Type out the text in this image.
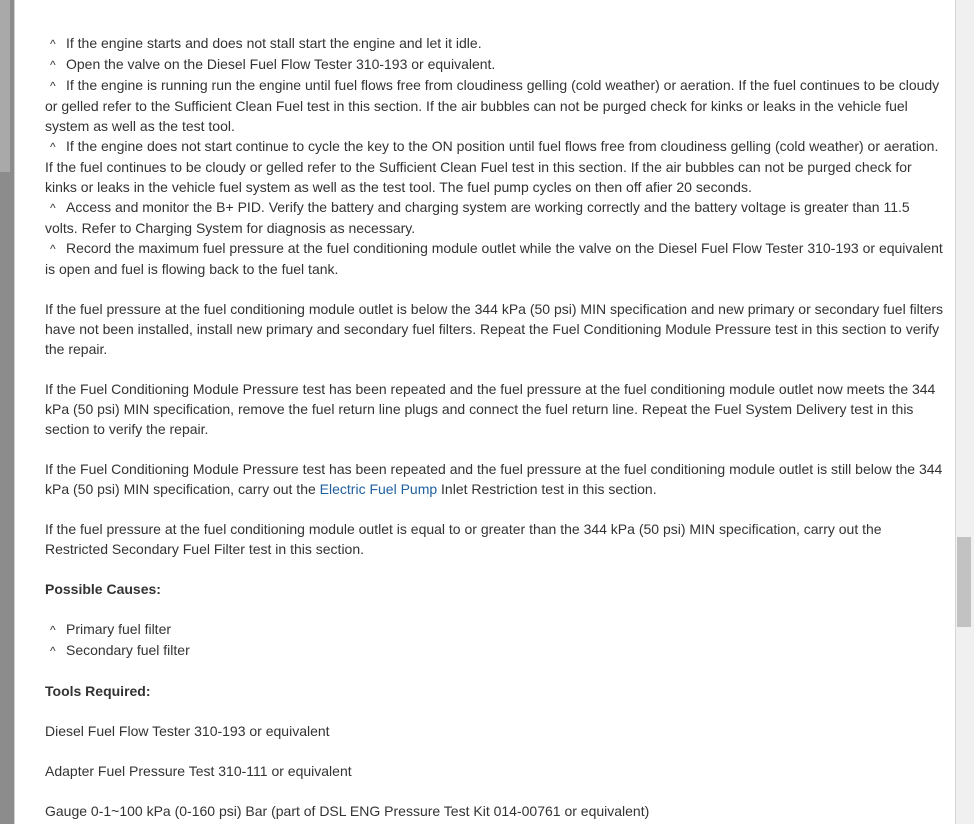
^ If the engine starts and does not stall start the engine and let it idle.
^ Open the valve on the Diesel Fuel Flow Tester 310-193 or equivalent.
^ If the engine is running run the engine until fuel flows free from cloudiness gelling (cold weather) or aeration. If the fuel continues to be cloudy or gelled refer to the Sufficient Clean Fuel test in this section. If the air bubbles can not be purged check for kinks or leaks in the vehicle fuel system as well as the test tool.
^ If the engine does not start continue to cycle the key to the ON position until fuel flows free from cloudiness gelling (cold weather) or aeration. If the fuel continues to be cloudy or gelled refer to the Sufficient Clean Fuel test in this section. If the air bubbles can not be purged check for kinks or leaks in the vehicle fuel system as well as the test tool. The fuel pump cycles on then off afier 20 seconds.
^ Access and monitor the B+ PID. Verify the battery and charging system are working correctly and the battery voltage is greater than 11.5 volts. Refer to Charging System for diagnosis as necessary.
^ Record the maximum fuel pressure at the fuel conditioning module outlet while the valve on the Diesel Fuel Flow Tester 310-193 or equivalent is open and fuel is flowing back to the fuel tank.

If the fuel pressure at the fuel conditioning module outlet is below the 344 kPa (50 psi) MIN specification and new primary or secondary fuel filters have not been installed, install new primary and secondary fuel filters. Repeat the Fuel Conditioning Module Pressure test in this section to verify the repair.

If the Fuel Conditioning Module Pressure test has been repeated and the fuel pressure at the fuel conditioning module outlet now meets the 344 kPa (50 psi) MIN specification, remove the fuel return line plugs and connect the fuel return line. Repeat the Fuel System Delivery test in this section to verify the repair.

If the Fuel Conditioning Module Pressure test has been repeated and the fuel pressure at the fuel conditioning module outlet is still below the 344 kPa (50 psi) MIN specification, carry out the Electric Fuel Pump Inlet Restriction test in this section.

If the fuel pressure at the fuel conditioning module outlet is equal to or greater than the 344 kPa (50 psi) MIN specification, carry out the Restricted Secondary Fuel Filter test in this section.

Possible Causes:

^ Primary fuel filter
^ Secondary fuel filter

Tools Required:

Diesel Fuel Flow Tester 310-193 or equivalent

Adapter Fuel Pressure Test 310-111 or equivalent

Gauge 0-1~100 kPa (0-160 psi) Bar (part of DSL ENG Pressure Test Kit 014-00761 or equivalent)
